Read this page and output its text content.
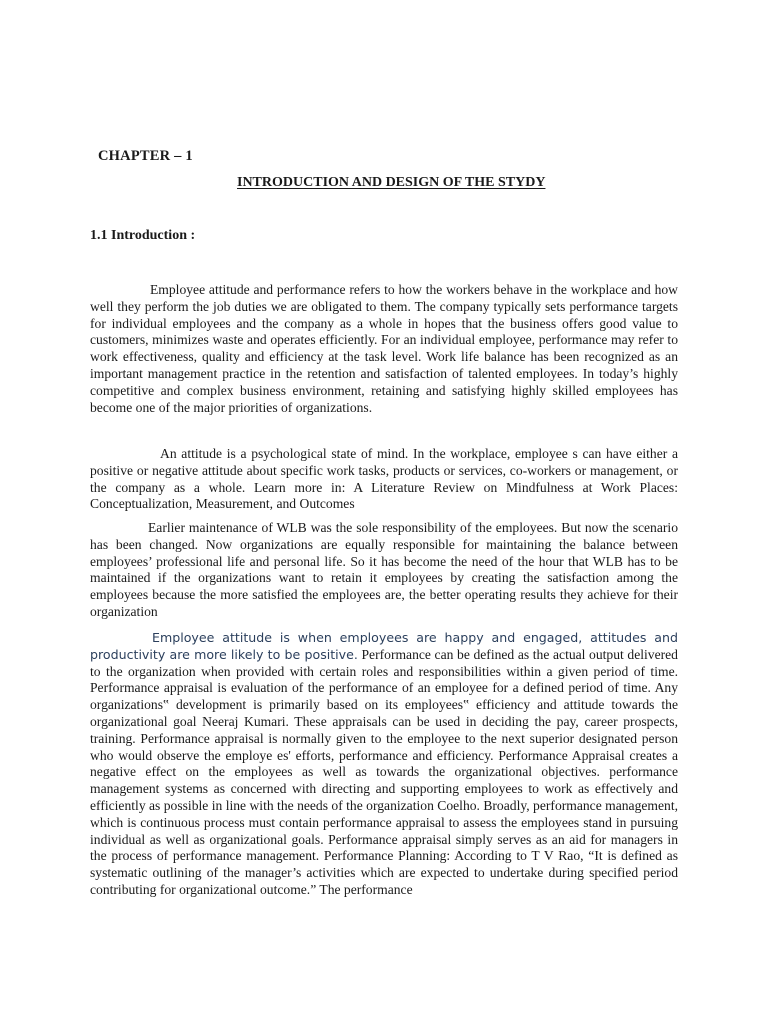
CHAPTER – 1
INTRODUCTION AND DESIGN OF THE STYDY
1.1 Introduction :
Employee attitude and performance refers to how the workers behave in the workplace and how well they perform the job duties we are obligated to them. The company typically sets performance targets for individual employees and the company as a whole in hopes that the business offers good value to customers, minimizes waste and operates efficiently. For an individual employee, performance may refer to work effectiveness, quality and efficiency at the task level. Work life balance has been recognized as an important management practice in the retention and satisfaction of talented employees. In today’s highly competitive and complex business environment, retaining and satisfying highly skilled employees has become one of the major priorities of organizations.
An attitude is a psychological state of mind. In the workplace, employee s can have either a positive or negative attitude about specific work tasks, products or services, co-workers or management, or the company as a whole. Learn more in: A Literature Review on Mindfulness at Work Places: Conceptualization, Measurement, and Outcomes
Earlier maintenance of WLB was the sole responsibility of the employees. But now the scenario has been changed. Now organizations are equally responsible for maintaining the balance between employees’ professional life and personal life. So it has become the need of the hour that WLB has to be maintained if the organizations want to retain it employees by creating the satisfaction among the employees because the more satisfied the employees are, the better operating results they achieve for their organization
Employee attitude is when employees are happy and engaged, attitudes and productivity are more likely to be positive. Performance can be defined as the actual output delivered to the organization when provided with certain roles and responsibilities within a given period of time. Performance appraisal is evaluation of the performance of an employee for a defined period of time. Any organizations‟ development is primarily based on its employees‟ efficiency and attitude towards the organizational goal Neeraj Kumari. These appraisals can be used in deciding the pay, career prospects, training. Performance appraisal is normally given to the employee to the next superior designated person who would observe the employe es' efforts, performance and efficiency. Performance Appraisal creates a negative effect on the employees as well as towards the organizational objectives. performance management systems as concerned with directing and supporting employees to work as effectively and efficiently as possible in line with the needs of the organization Coelho. Broadly, performance management, which is continuous process must contain performance appraisal to assess the employees stand in pursuing individual as well as organizational goals. Performance appraisal simply serves as an aid for managers in the process of performance management. Performance Planning: According to T V Rao, “It is defined as systematic outlining of the manager’s activities which are expected to undertake during specified period contributing for organizational outcome.” The performance
